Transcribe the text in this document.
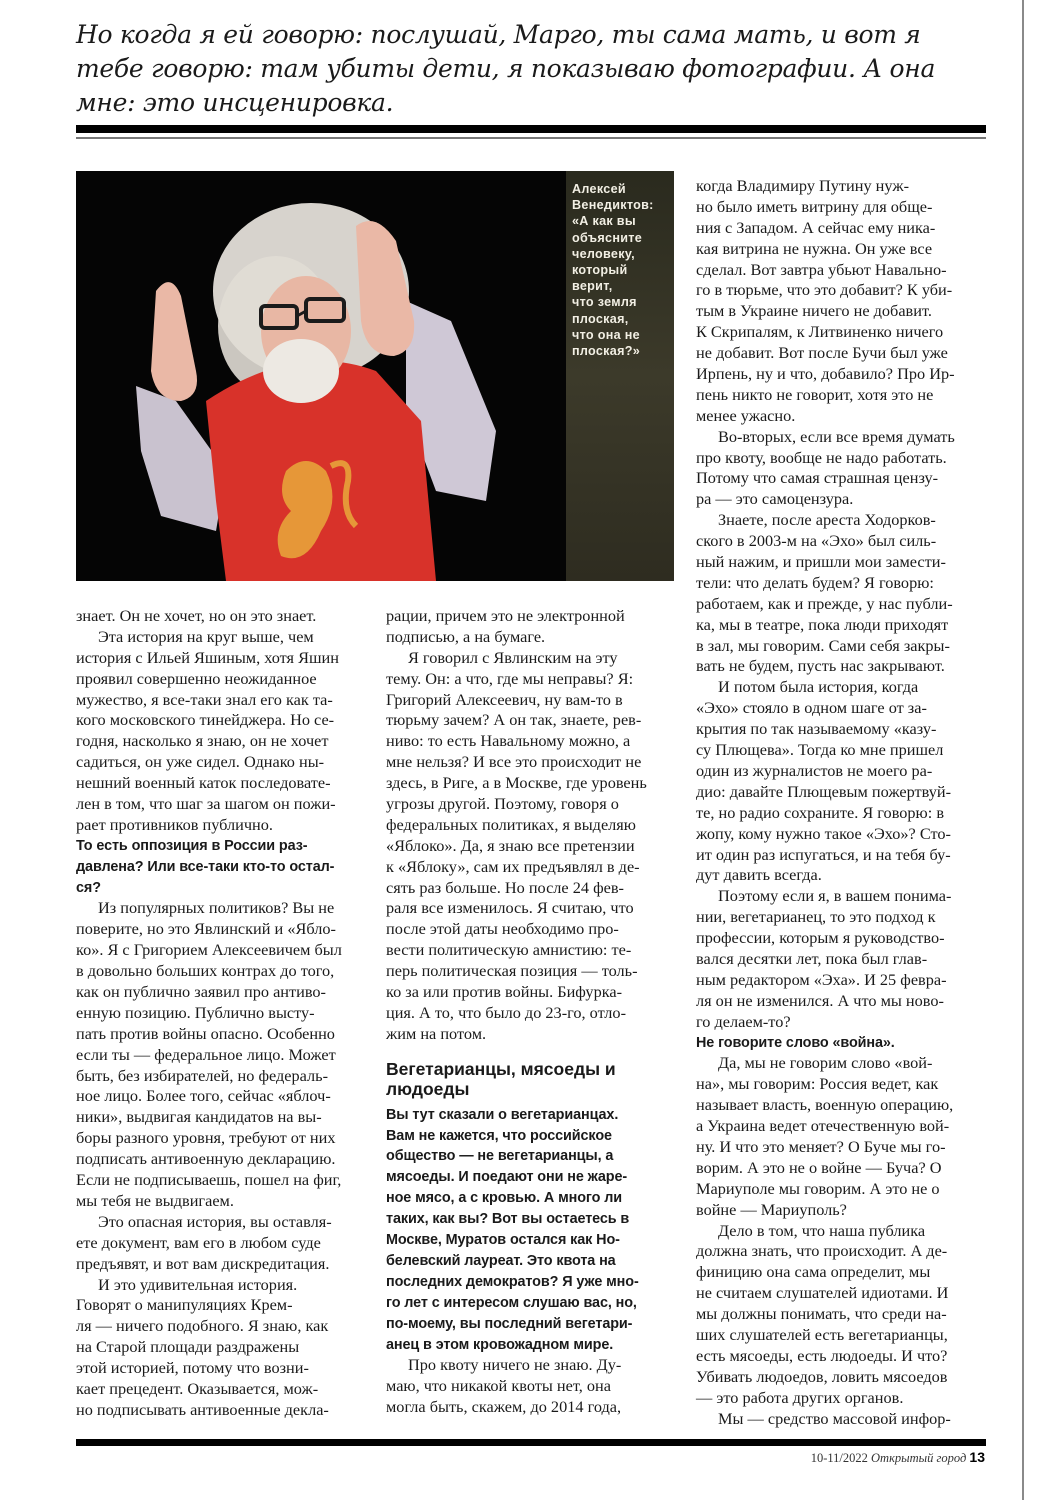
Но когда я ей говорю: послушай, Марго, ты сама мать, и вот я тебе говорю: там убиты дети, я показываю фотографии. А она мне: это инсценировка.
Алексей
Венедиктов:
«А как вы
объясните
человеку,
который
верит,
что земля
плоская,
что она не
плоская?»
знает. Он не хочет, но он это знает.
Эта история на круг выше, чем
история с Ильей Яшиным, хотя Яшин
проявил совершенно неожиданное
мужество, я все-таки знал его как та-
кого московского тинейджера. Но се-
годня, насколько я знаю, он не хочет
садиться, он уже сидел. Однако ны-
нешний военный каток последовате-
лен в том, что шаг за шагом он пожи-
рает противников публично.
То есть оппозиция в России раз-
давлена? Или все-таки кто-то остал-
ся?
Из популярных политиков? Вы не
поверите, но это Явлинский и «Ябло-
ко». Я с Григорием Алексеевичем был
в довольно больших контрах до того,
как он публично заявил про антиво-
енную позицию. Публично высту-
пать против войны опасно. Особенно
если ты — федеральное лицо. Может
быть, без избирателей, но федераль-
ное лицо. Более того, сейчас «яблоч-
ники», выдвигая кандидатов на вы-
боры разного уровня, требуют от них
подписать антивоенную декларацию.
Если не подписываешь, пошел на фиг,
мы тебя не выдвигаем.
Это опасная история, вы оставля-
ете документ, вам его в любом суде
предъявят, и вот вам дискредитация.
И это удивительная история.
Говорят о манипуляциях Крем-
ля — ничего подобного. Я знаю, как
на Старой площади раздражены
этой историей, потому что возни-
кает прецедент. Оказывается, мож-
но подписывать антивоенные декла-
рации, причем это не электронной
подписью, а на бумаге.
Я говорил с Явлинским на эту
тему. Он: а что, где мы неправы? Я:
Григорий Алексеевич, ну вам-то в
тюрьму зачем? А он так, знаете, рев-
ниво: то есть Навальному можно, а
мне нельзя? И все это происходит не
здесь, в Риге, а в Москве, где уровень
угрозы другой. Поэтому, говоря о
федеральных политиках, я выделяю
«Яблоко». Да, я знаю все претензии
к «Яблоку», сам их предъявлял в де-
сять раз больше. Но после 24 фев-
раля все изменилось. Я считаю, что
после этой даты необходимо про-
вести политическую амнистию: те-
перь политическая позиция — толь-
ко за или против войны. Бифурка-
ция. А то, что было до 23-го, отло-
жим на потом.
Вегетарианцы, мясоеды и
людоеды
Вы тут сказали о вегетарианцах.
Вам не кажется, что российское
общество — не вегетарианцы, а
мясоеды. И поедают они не жаре-
ное мясо, а с кровью. А много ли
таких, как вы? Вот вы остаетесь в
Москве, Муратов остался как Но-
белевский лауреат. Это квота на
последних демократов? Я уже мно-
го лет с интересом слушаю вас, но,
по-моему, вы последний вегетари-
анец в этом кровожадном мире.
Про квоту ничего не знаю. Ду-
маю, что никакой квоты нет, она
могла быть, скажем, до 2014 года,
когда Владимиру Путину нуж-
но было иметь витрину для обще-
ния с Западом. А сейчас ему ника-
кая витрина не нужна. Он уже все
сделал. Вот завтра убьют Навально-
го в тюрьме, что это добавит? К уби-
тым в Украине ничего не добавит.
К Скрипалям, к Литвиненко ничего
не добавит. Вот после Бучи был уже
Ирпень, ну и что, добавило? Про Ир-
пень никто не говорит, хотя это не
менее ужасно.
Во-вторых, если все время думать
про квоту, вообще не надо работать.
Потому что самая страшная цензу-
ра — это самоцензура.
Знаете, после ареста Ходорков-
ского в 2003-м на «Эхо» был силь-
ный нажим, и пришли мои замести-
тели: что делать будем? Я говорю:
работаем, как и прежде, у нас публи-
ка, мы в театре, пока люди приходят
в зал, мы говорим. Сами себя закры-
вать не будем, пусть нас закрывают.
И потом была история, когда
«Эхо» стояло в одном шаге от за-
крытия по так называемому «казу-
су Плющева». Тогда ко мне пришел
один из журналистов не моего ра-
дио: давайте Плющевым пожертвуй-
те, но радио сохраните. Я говорю: в
жопу, кому нужно такое «Эхо»? Сто-
ит один раз испугаться, и на тебя бу-
дут давить всегда.
Поэтому если я, в вашем понима-
нии, вегетарианец, то это подход к
профессии, которым я руководство-
вался десятки лет, пока был глав-
ным редактором «Эха». И 25 февра-
ля он не изменился. А что мы ново-
го делаем-то?
Не говорите слово «война».
Да, мы не говорим слово «вой-
на», мы говорим: Россия ведет, как
называет власть, военную операцию,
а Украина ведет отечественную вой-
ну. И что это меняет? О Буче мы го-
ворим. А это не о войне — Буча? О
Мариуполе мы говорим. А это не о
войне — Мариуполь?
Дело в том, что наша публика
должна знать, что происходит. А де-
финицию она сама определит, мы
не считаем слушателей идиотами. И
мы должны понимать, что среди на-
ших слушателей есть вегетарианцы,
есть мясоеды, есть людоеды. И что?
Убивать людоедов, ловить мясоедов
— это работа других органов.
Мы — средство массовой инфор-
10-11/2022 Открытый город 13
